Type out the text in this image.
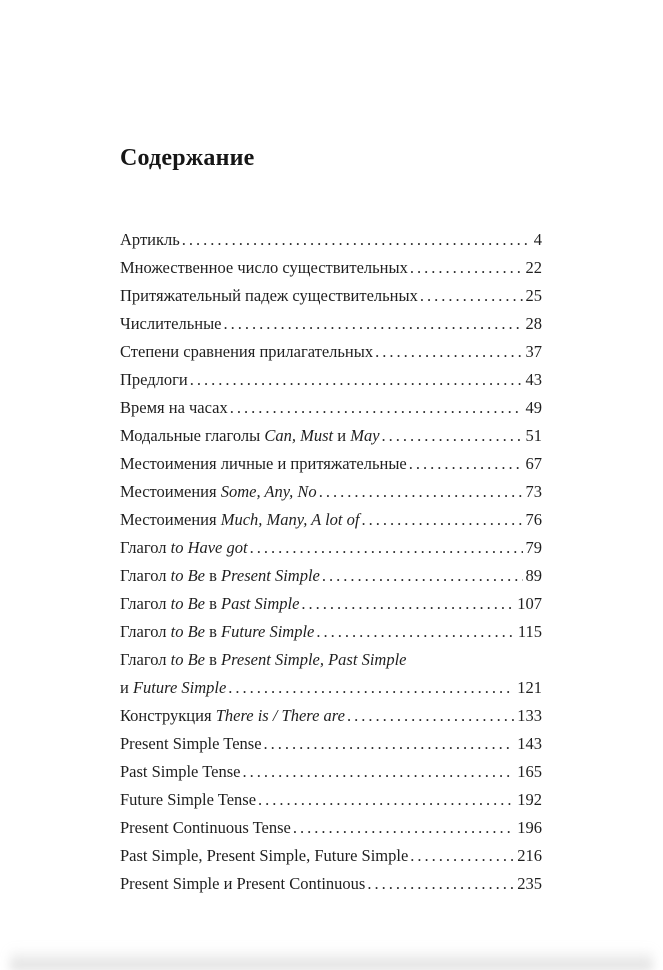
Содержание
Артикль .....	4
Множественное число существительных .....	22
Притяжательный падеж существительных .....	25
Числительные .....	28
Степени сравнения прилагательных .....	37
Предлоги .....	43
Время на часах .....	49
Модальные глаголы Can, Must и May .....	51
Местоимения личные и притяжательные .....	67
Местоимения Some, Any, No .....	73
Местоимения Much, Many, A lot of .....	76
Глагол to Have got .....	79
Глагол to Be в Present Simple .....	89
Глагол to Be в Past Simple .....	107
Глагол to Be в Future Simple .....	115
Глагол to Be в Present Simple, Past Simple
и Future Simple .....	121
Конструкция There is / There are .....	133
Present Simple Tense .....	143
Past Simple Tense .....	165
Future Simple Tense .....	192
Present Continuous Tense .....	196
Past Simple, Present Simple, Future Simple .....	216
Present Simple и Present Continuous .....	235
